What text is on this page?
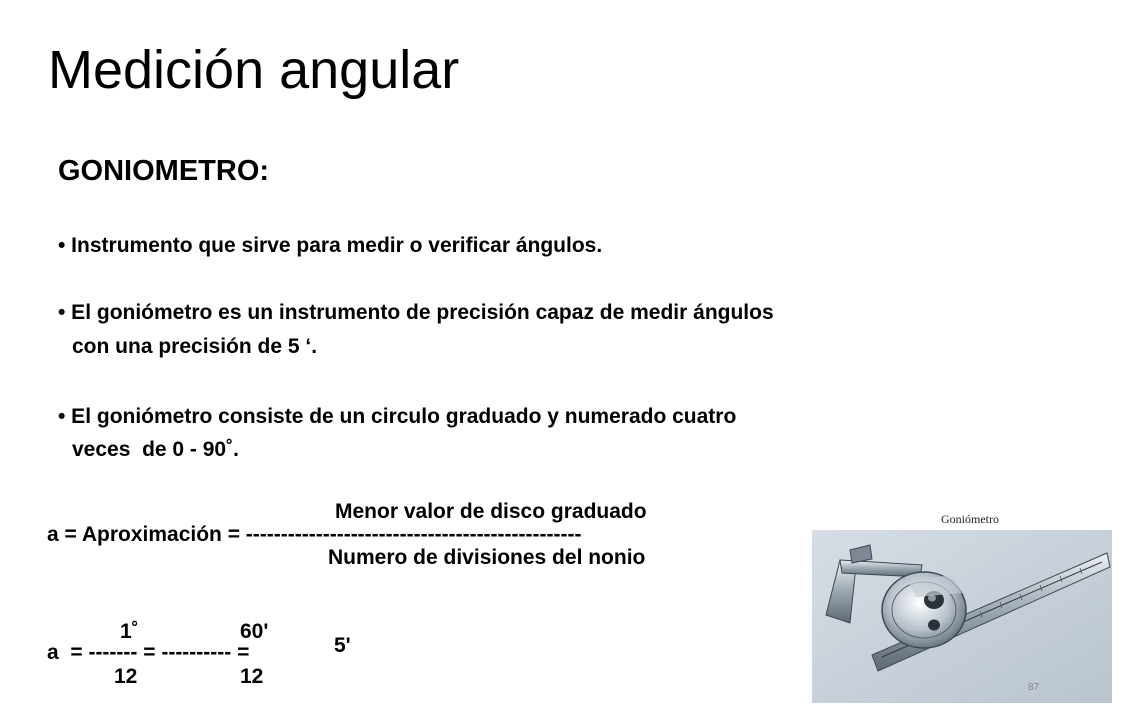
Medición angular
GONIOMETRO:
• Instrumento que sirve para medir o verificar ángulos.
• El goniómetro es un instrumento de precisión capaz de medir ángulos
con una precisión de 5 ‘.
• El goniómetro consiste de un circulo graduado y numerado cuatro
veces  de 0 - 90˚.
Menor valor de disco graduado
a = Aproximación = ------------------------------------------------
Numero de divisiones del nonio
1˚	60'
a  = ------- = ---------- =	5'
12	12
Goniómetro
87
